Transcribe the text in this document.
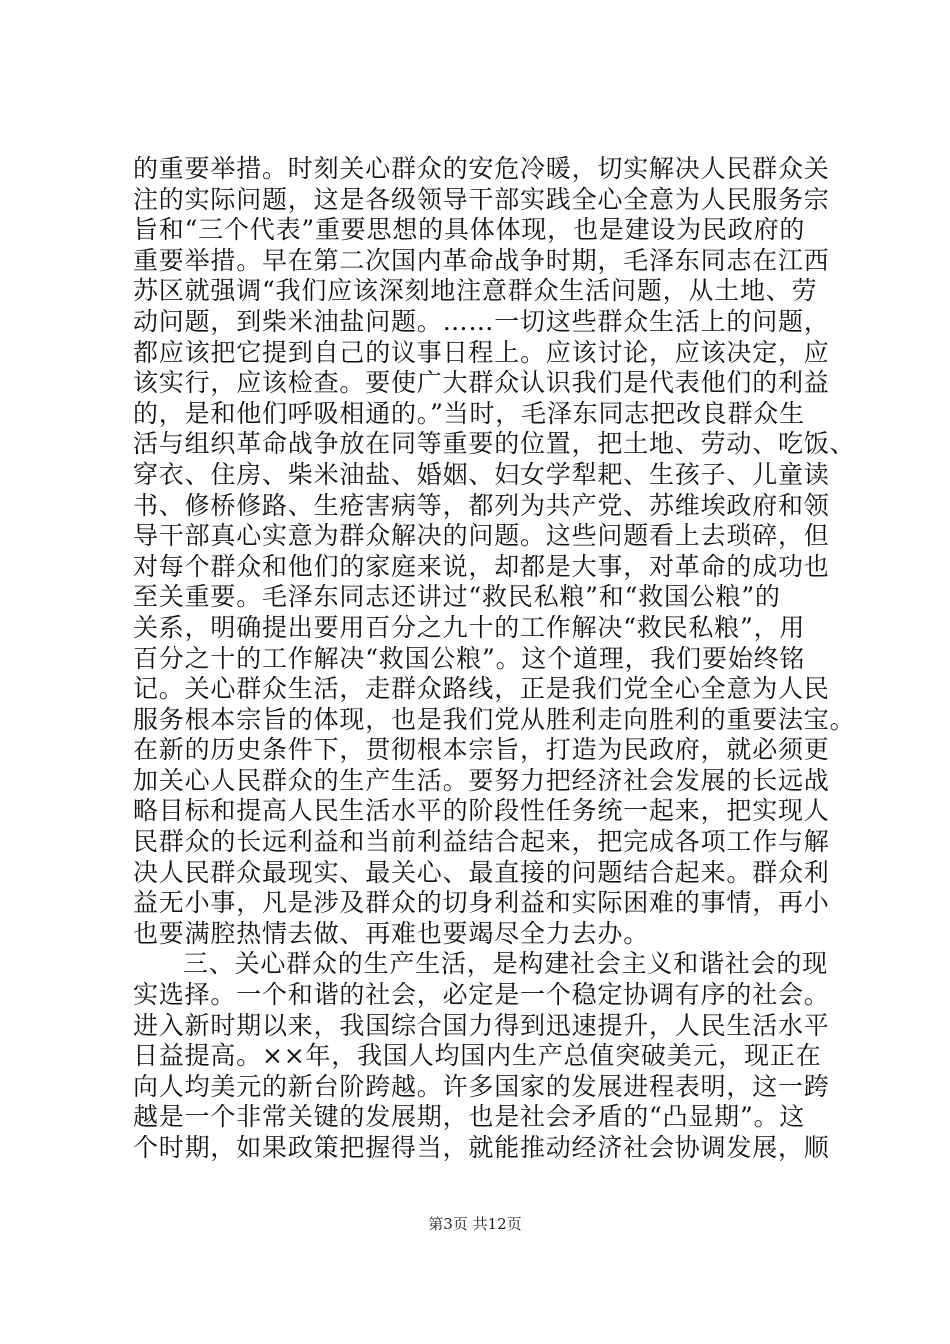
的重要举措。时刻关心群众的安危冷暖，切实解决人民群众关
注的实际问题，这是各级领导干部实践全心全意为人民服务宗
旨和“三个代表”重要思想的具体体现，也是建设为民政府的
重要举措。早在第二次国内革命战争时期，毛泽东同志在江西
苏区就强调“我们应该深刻地注意群众生活问题，从土地、劳
动问题，到柴米油盐问题。……一切这些群众生活上的问题，
都应该把它提到自己的议事日程上。应该讨论，应该决定，应
该实行，应该检查。要使广大群众认识我们是代表他们的利益
的，是和他们呼吸相通的。”当时，毛泽东同志把改良群众生
活与组织革命战争放在同等重要的位置，把土地、劳动、吃饭、
穿衣、住房、柴米油盐、婚姻、妇女学犁耙、生孩子、儿童读
书、修桥修路、生疮害病等，都列为共产党、苏维埃政府和领
导干部真心实意为群众解决的问题。这些问题看上去琐碎，但
对每个群众和他们的家庭来说，却都是大事，对革命的成功也
至关重要。毛泽东同志还讲过“救民私粮”和“救国公粮”的
关系，明确提出要用百分之九十的工作解决“救民私粮”，用
百分之十的工作解决“救国公粮”。这个道理，我们要始终铭
记。关心群众生活，走群众路线，正是我们党全心全意为人民
服务根本宗旨的体现，也是我们党从胜利走向胜利的重要法宝。
在新的历史条件下，贯彻根本宗旨，打造为民政府，就必须更
加关心人民群众的生产生活。要努力把经济社会发展的长远战
略目标和提高人民生活水平的阶段性任务统一起来，把实现人
民群众的长远利益和当前利益结合起来，把完成各项工作与解
决人民群众最现实、最关心、最直接的问题结合起来。群众利
益无小事，凡是涉及群众的切身利益和实际困难的事情，再小
也要满腔热情去做、再难也要竭尽全力去办。
三、关心群众的生产生活，是构建社会主义和谐社会的现
实选择。一个和谐的社会，必定是一个稳定协调有序的社会。
进入新时期以来，我国综合国力得到迅速提升，人民生活水平
日益提高。××年，我国人均国内生产总值突破美元，现正在
向人均美元的新台阶跨越。许多国家的发展进程表明，这一跨
越是一个非常关键的发展期，也是社会矛盾的“凸显期”。这
个时期，如果政策把握得当，就能推动经济社会协调发展，顺
第3页 共12页
